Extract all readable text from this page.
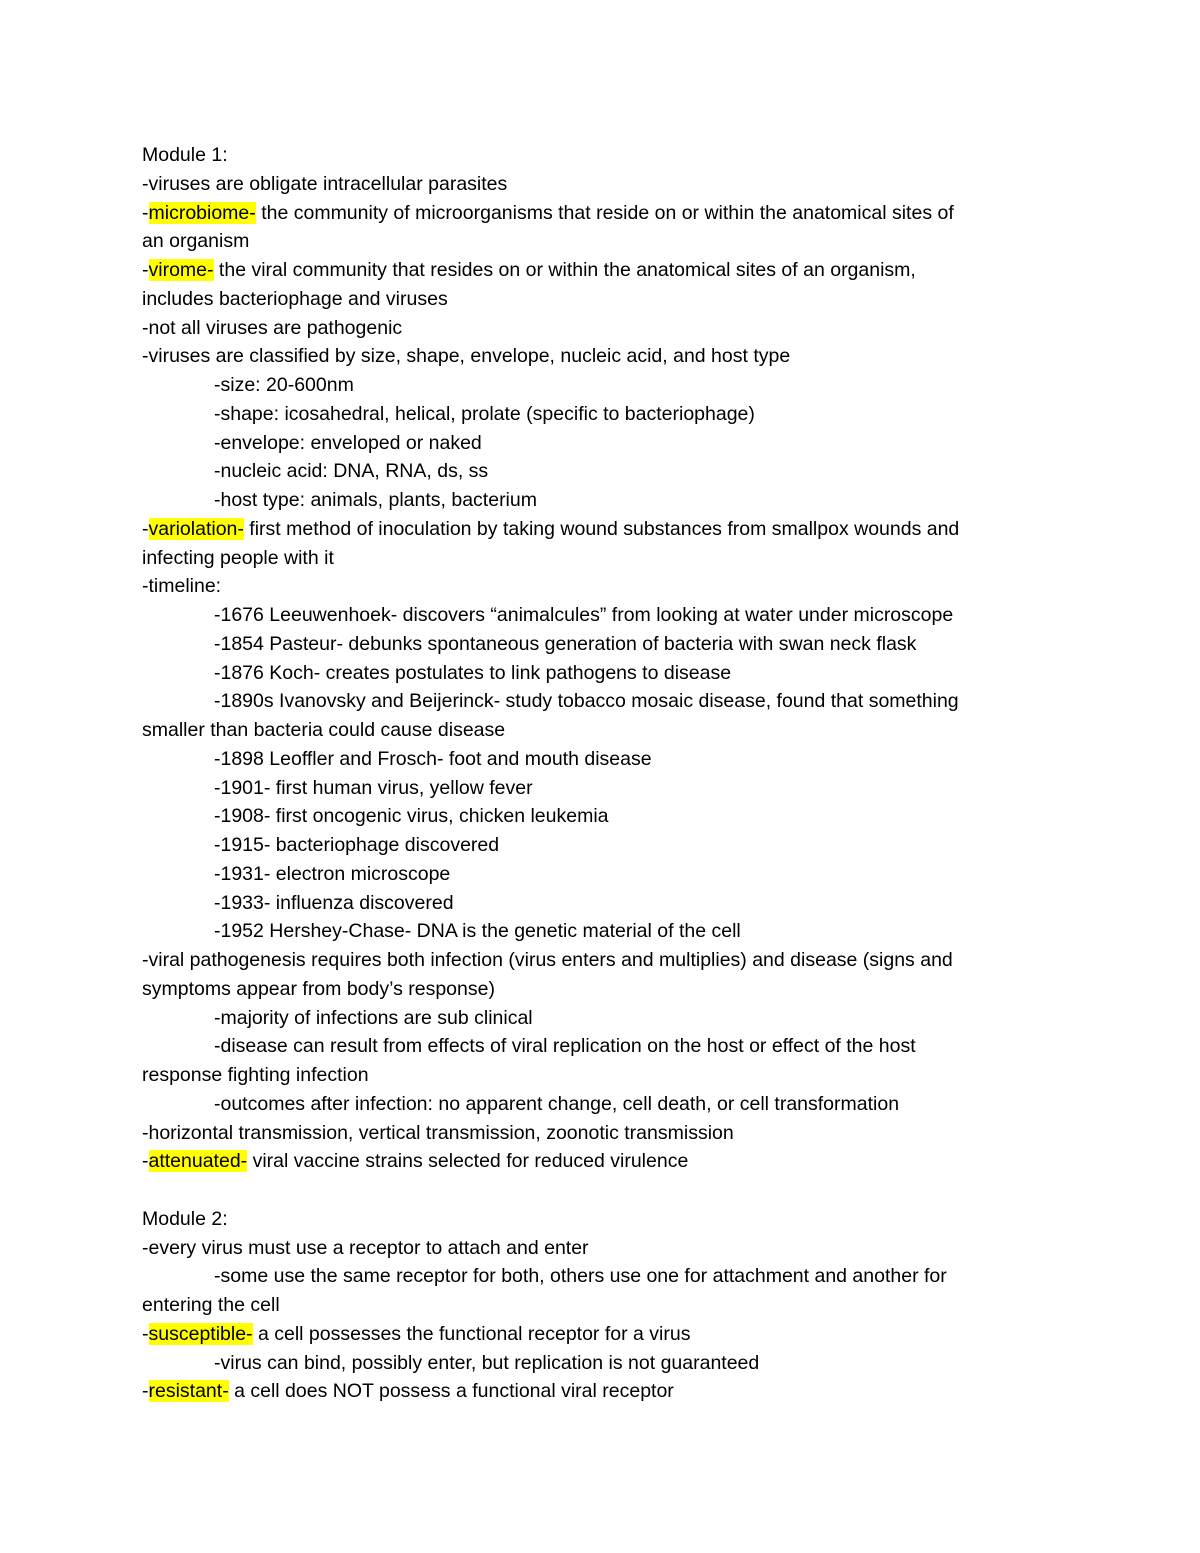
Module 1:
-viruses are obligate intracellular parasites
-microbiome- the community of microorganisms that reside on or within the anatomical sites of
an organism
-virome- the viral community that resides on or within the anatomical sites of an organism,
includes bacteriophage and viruses
-not all viruses are pathogenic
-viruses are classified by size, shape, envelope, nucleic acid, and host type
-size: 20-600nm
-shape: icosahedral, helical, prolate (specific to bacteriophage)
-envelope: enveloped or naked
-nucleic acid: DNA, RNA, ds, ss
-host type: animals, plants, bacterium
-variolation- first method of inoculation by taking wound substances from smallpox wounds and
infecting people with it
-timeline:
-1676 Leeuwenhoek- discovers “animalcules” from looking at water under microscope
-1854 Pasteur- debunks spontaneous generation of bacteria with swan neck flask
-1876 Koch- creates postulates to link pathogens to disease
-1890s Ivanovsky and Beijerinck- study tobacco mosaic disease, found that something
smaller than bacteria could cause disease
-1898 Leoffler and Frosch- foot and mouth disease
-1901- first human virus, yellow fever
-1908- first oncogenic virus, chicken leukemia
-1915- bacteriophage discovered
-1931- electron microscope
-1933- influenza discovered
-1952 Hershey-Chase- DNA is the genetic material of the cell
-viral pathogenesis requires both infection (virus enters and multiplies) and disease (signs and
symptoms appear from body’s response)
-majority of infections are sub clinical
-disease can result from effects of viral replication on the host or effect of the host
response fighting infection
-outcomes after infection: no apparent change, cell death, or cell transformation
-horizontal transmission, vertical transmission, zoonotic transmission
-attenuated- viral vaccine strains selected for reduced virulence
Module 2:
-every virus must use a receptor to attach and enter
-some use the same receptor for both, others use one for attachment and another for
entering the cell
-susceptible- a cell possesses the functional receptor for a virus
-virus can bind, possibly enter, but replication is not guaranteed
-resistant- a cell does NOT possess a functional viral receptor
